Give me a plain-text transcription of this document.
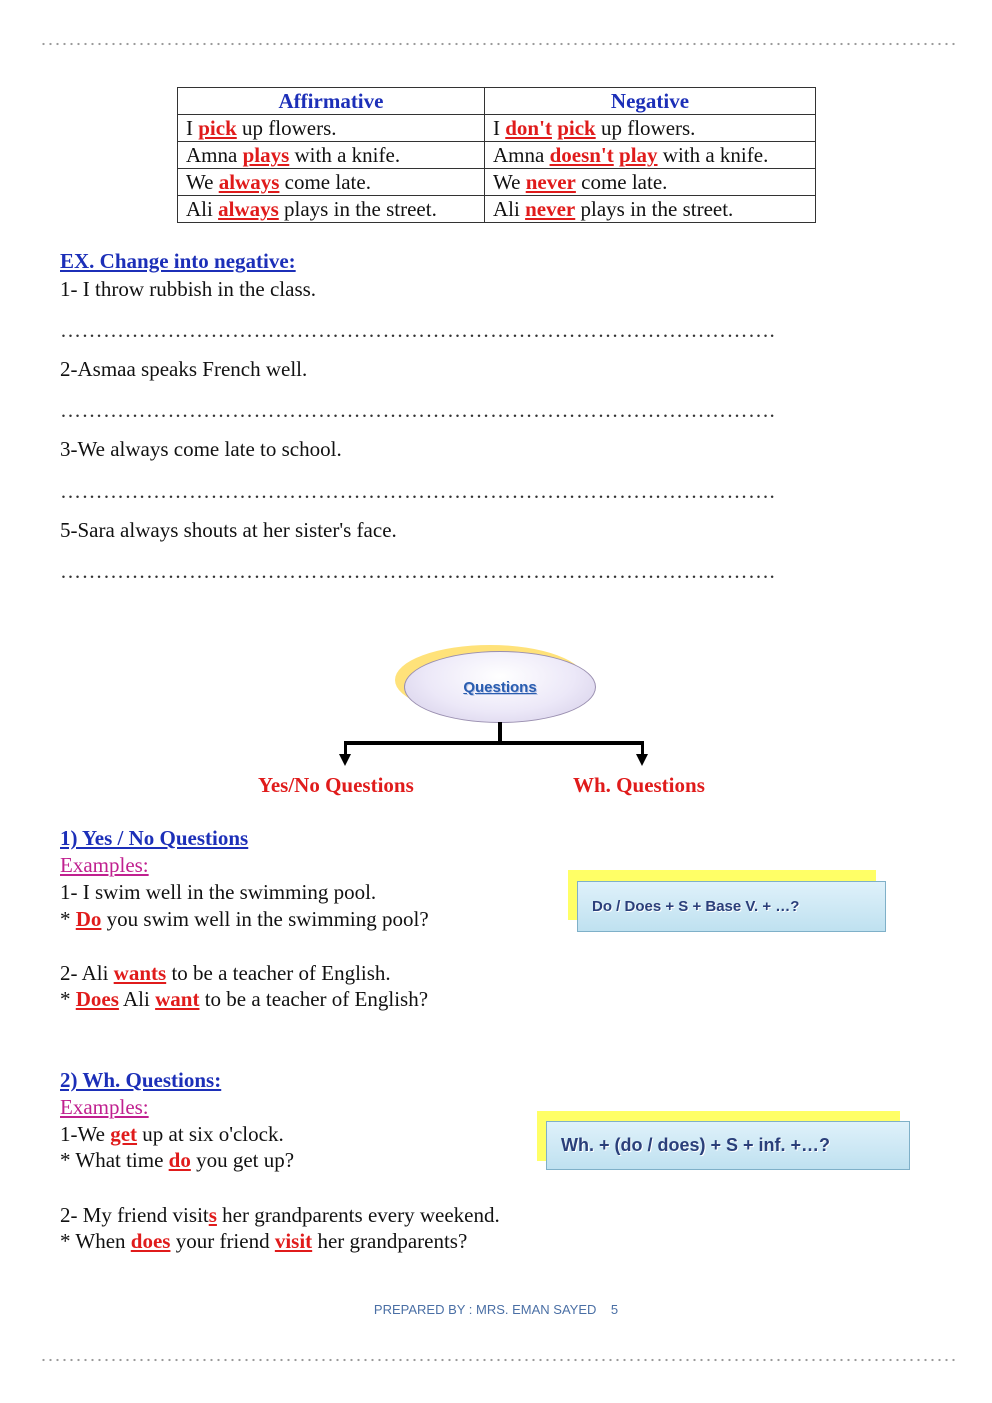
Affirmative	Negative
I pick up flowers.	I don't pick up flowers.
Amna plays with a knife.	Amna doesn't play with a knife.
We always come late.	We never come late.
Ali always plays in the street.	Ali never plays in the street.
EX. Change into negative:
1- I throw rubbish in the class.
……………………………………………………………………………………….
2-Asmaa speaks French well.
……………………………………………………………………………………….
3-We always come late to school.
……………………………………………………………………………………….
5-Sara always shouts at her sister's face.
……………………………………………………………………………………….
Questions
Yes/No Questions	Wh. Questions
1) Yes / No Questions
Examples:
1- I swim well in the swimming pool.
* Do you swim well in the swimming pool?
2- Ali wants to be a teacher of English.
* Does Ali want to be a teacher of English?
Do / Does + S + Base V. + …?
2) Wh. Questions:
Examples:
1-We get up at six o'clock.
* What time do you get up?
2- My friend visits her grandparents every weekend.
* When does your friend visit her grandparents?
Wh. + (do / does) + S + inf. +…?
PREPARED BY : MRS. EMAN SAYED 5
